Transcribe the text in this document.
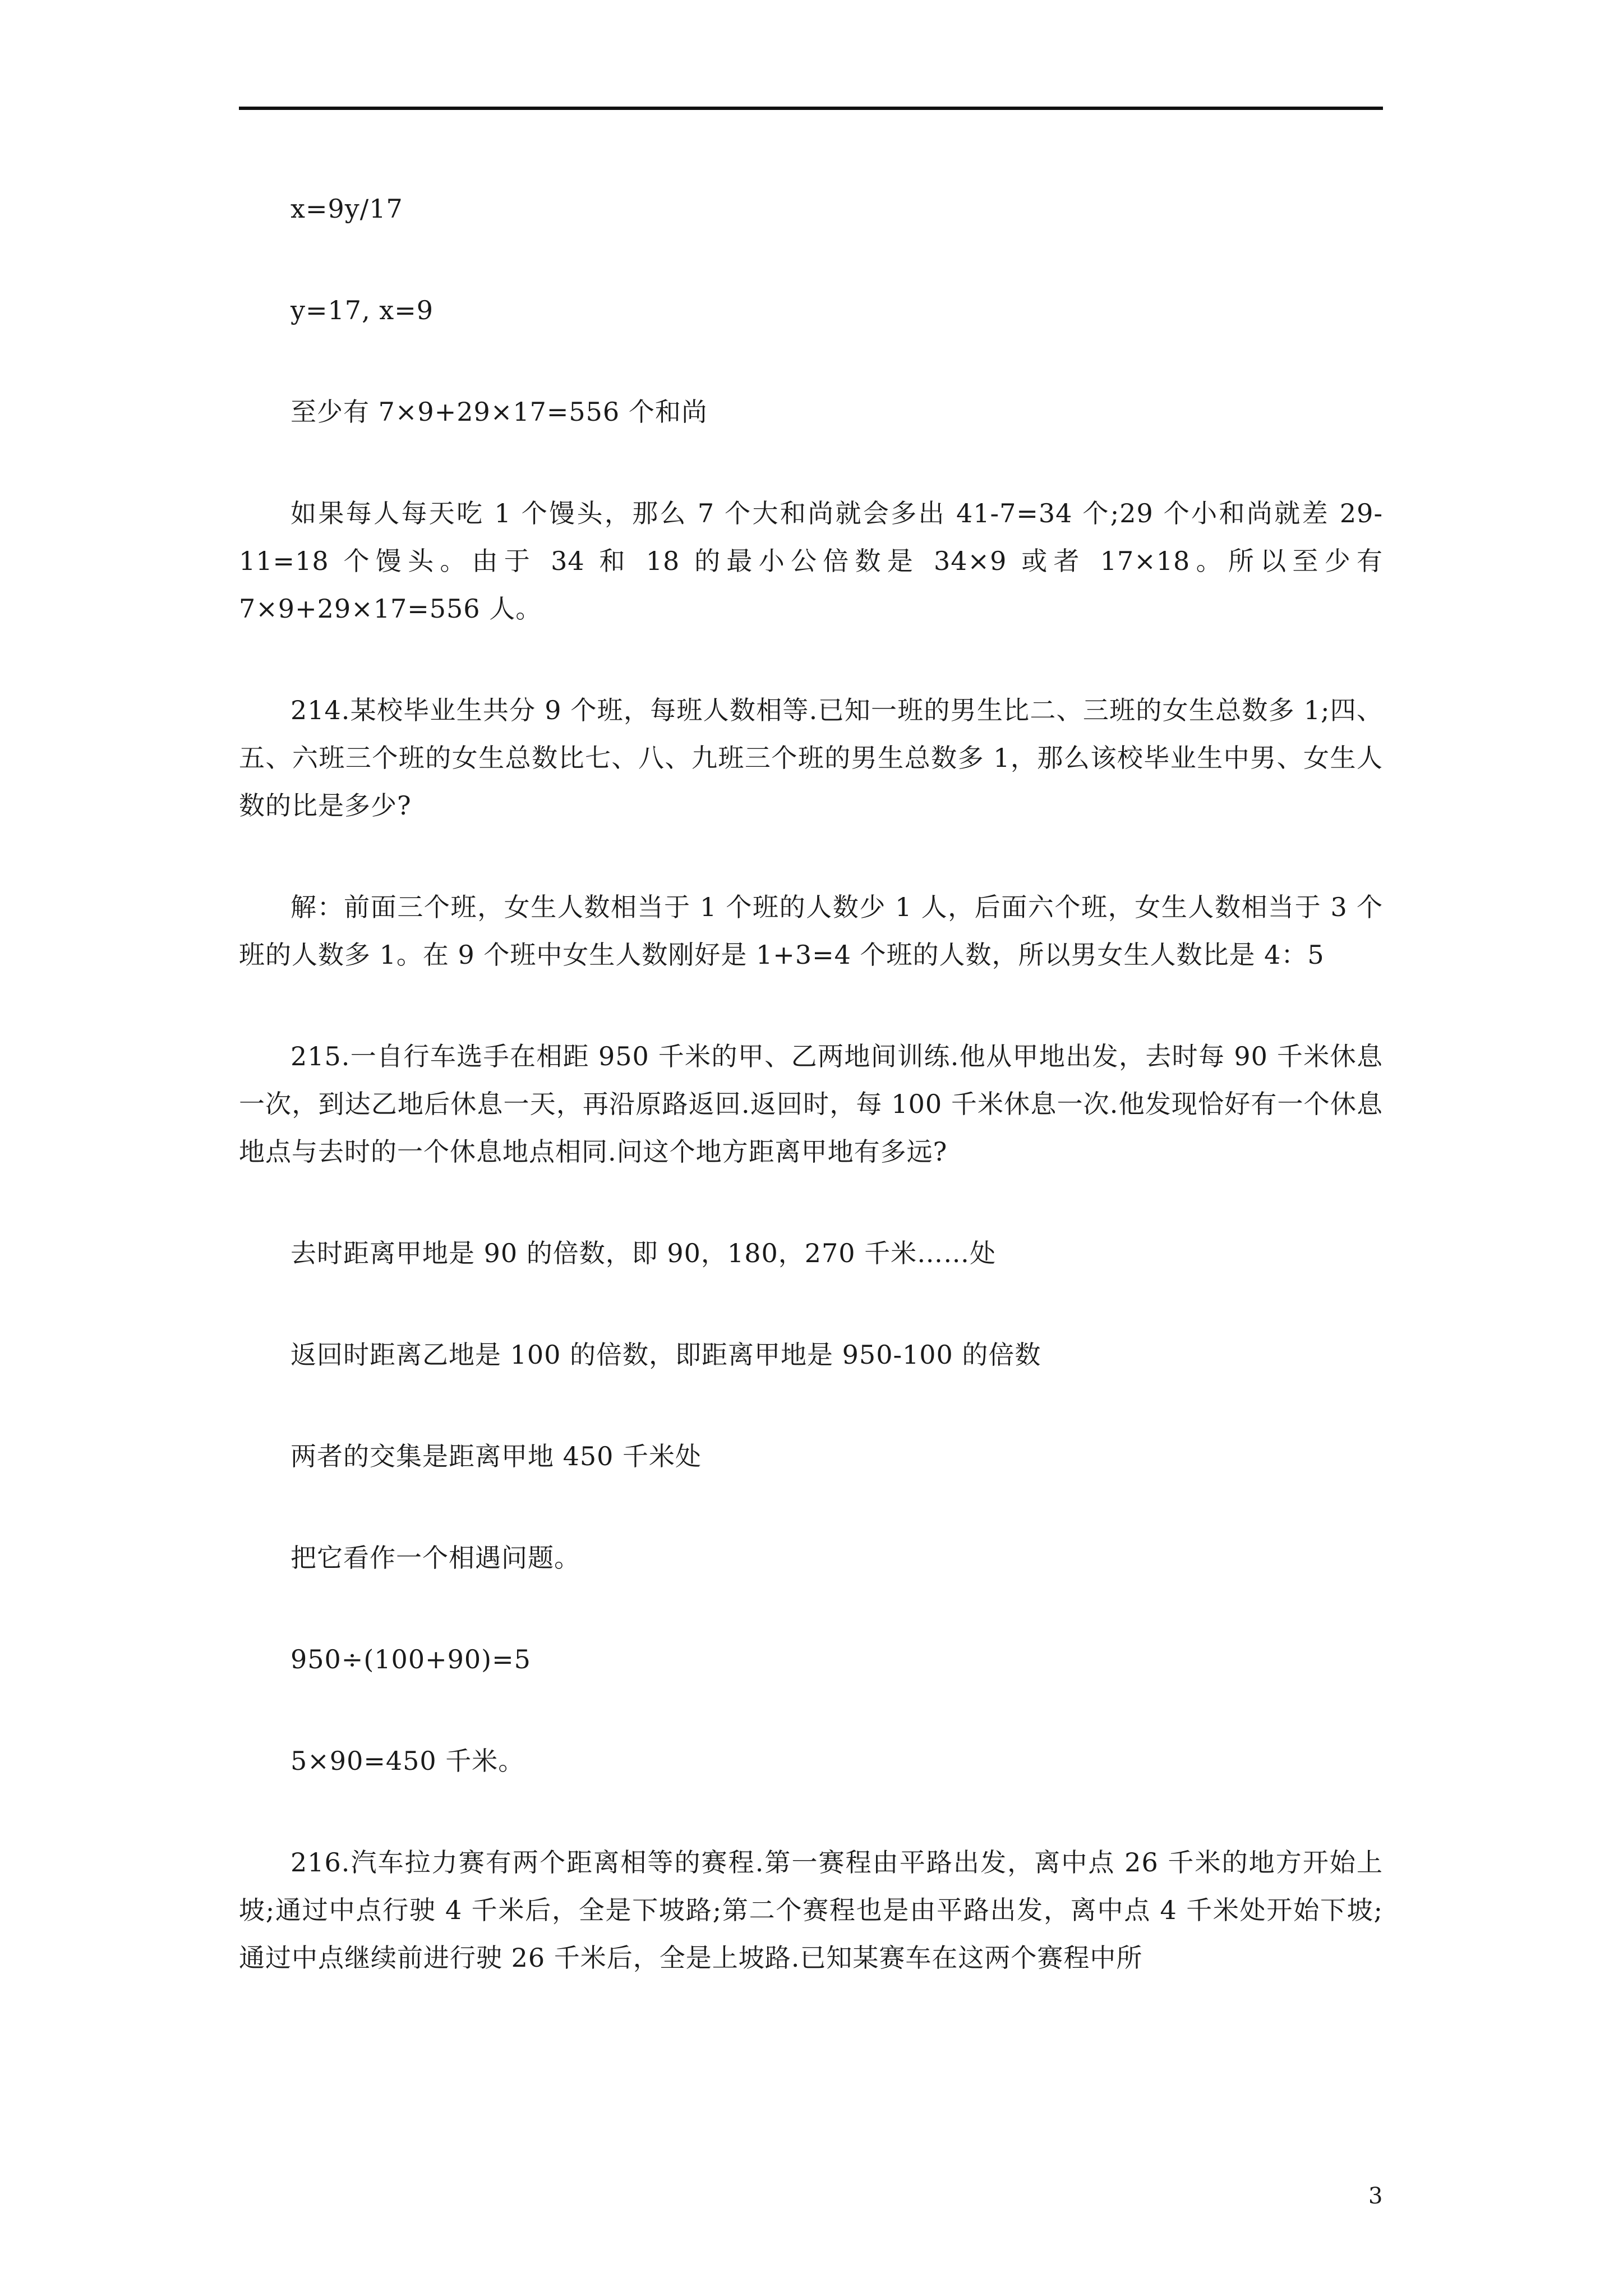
x=9y/17

y=17, x=9

至少有 7×9+29×17=556 个和尚

如果每人每天吃 1 个馒头，那么 7 个大和尚就会多出 41-7=34 个;29 个小和尚就差 29-11=18 个馒头。由于 34 和 18 的最小公倍数是 34×9 或者 17×18。所以至少有 7×9+29×17=556 人。

214.某校毕业生共分 9 个班，每班人数相等.已知一班的男生比二、三班的女生总数多 1;四、五、六班三个班的女生总数比七、八、九班三个班的男生总数多 1，那么该校毕业生中男、女生人数的比是多少?

解：前面三个班，女生人数相当于 1 个班的人数少 1 人，后面六个班，女生人数相当于 3 个班的人数多 1。在 9 个班中女生人数刚好是 1+3=4 个班的人数，所以男女生人数比是 4：5

215.一自行车选手在相距 950 千米的甲、乙两地间训练.他从甲地出发，去时每 90 千米休息一次，到达乙地后休息一天，再沿原路返回.返回时，每 100 千米休息一次.他发现恰好有一个休息地点与去时的一个休息地点相同.问这个地方距离甲地有多远?

去时距离甲地是 90 的倍数，即 90，180，270 千米……处

返回时距离乙地是 100 的倍数，即距离甲地是 950-100 的倍数

两者的交集是距离甲地 450 千米处

把它看作一个相遇问题。

950÷(100+90)=5

5×90=450 千米。

216.汽车拉力赛有两个距离相等的赛程.第一赛程由平路出发，离中点 26 千米的地方开始上坡;通过中点行驶 4 千米后，全是下坡路;第二个赛程也是由平路出发，离中点 4 千米处开始下坡;通过中点继续前进行驶 26 千米后，全是上坡路.已知某赛车在这两个赛程中所

3
